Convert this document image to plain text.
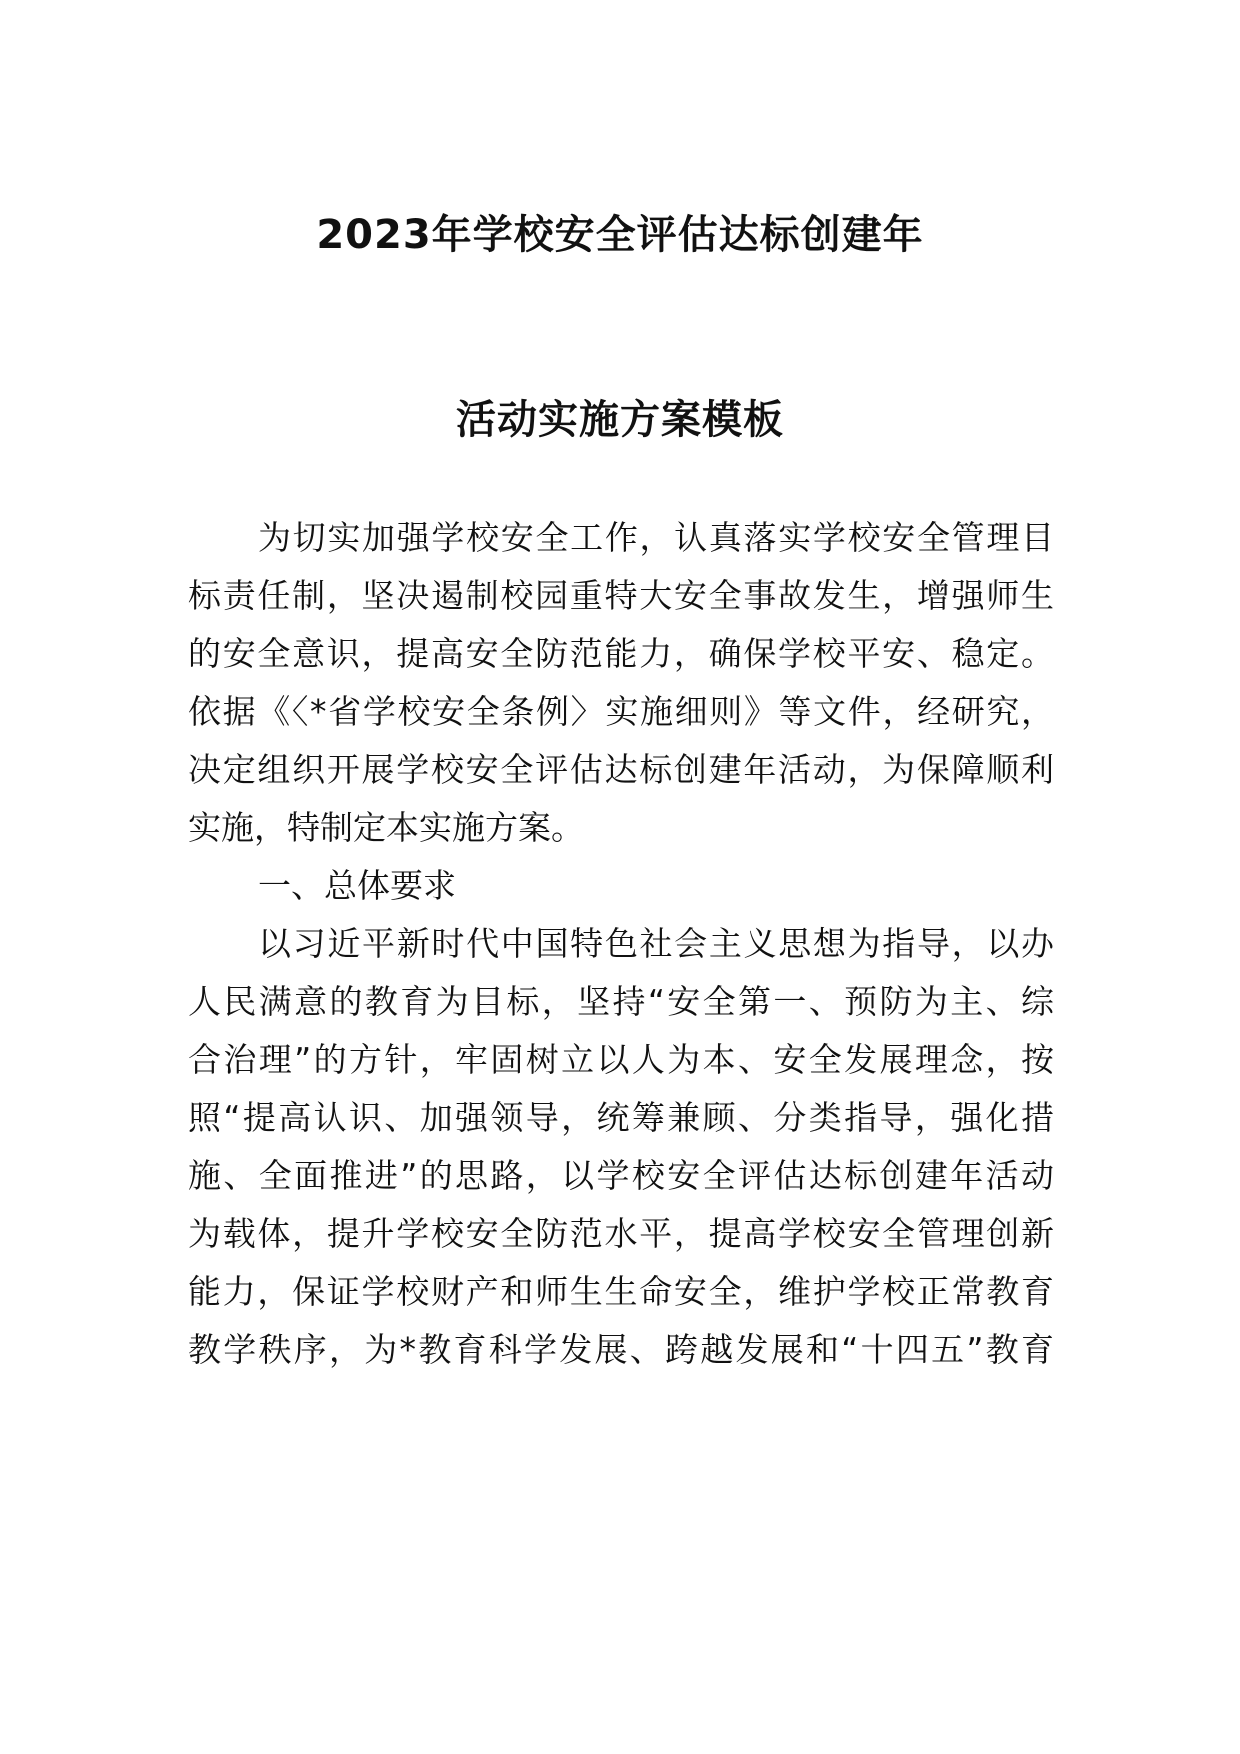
2023年学校安全评估达标创建年
活动实施方案模板
为切实加强学校安全工作，认真落实学校安全管理目
标责任制，坚决遏制校园重特大安全事故发生，增强师生
的安全意识，提高安全防范能力，确保学校平安、稳定。
依据《〈*省学校安全条例〉实施细则》等文件，经研究，
决定组织开展学校安全评估达标创建年活动，为保障顺利
实施，特制定本实施方案。
一、总体要求
以习近平新时代中国特色社会主义思想为指导，以办
人民满意的教育为目标，坚持“安全第一、预防为主、综
合治理”的方针，牢固树立以人为本、安全发展理念，按
照“提高认识、加强领导，统筹兼顾、分类指导，强化措
施、全面推进”的思路，以学校安全评估达标创建年活动
为载体，提升学校安全防范水平，提高学校安全管理创新
能力，保证学校财产和师生生命安全，维护学校正常教育
教学秩序，为*教育科学发展、跨越发展和“十四五”教育
